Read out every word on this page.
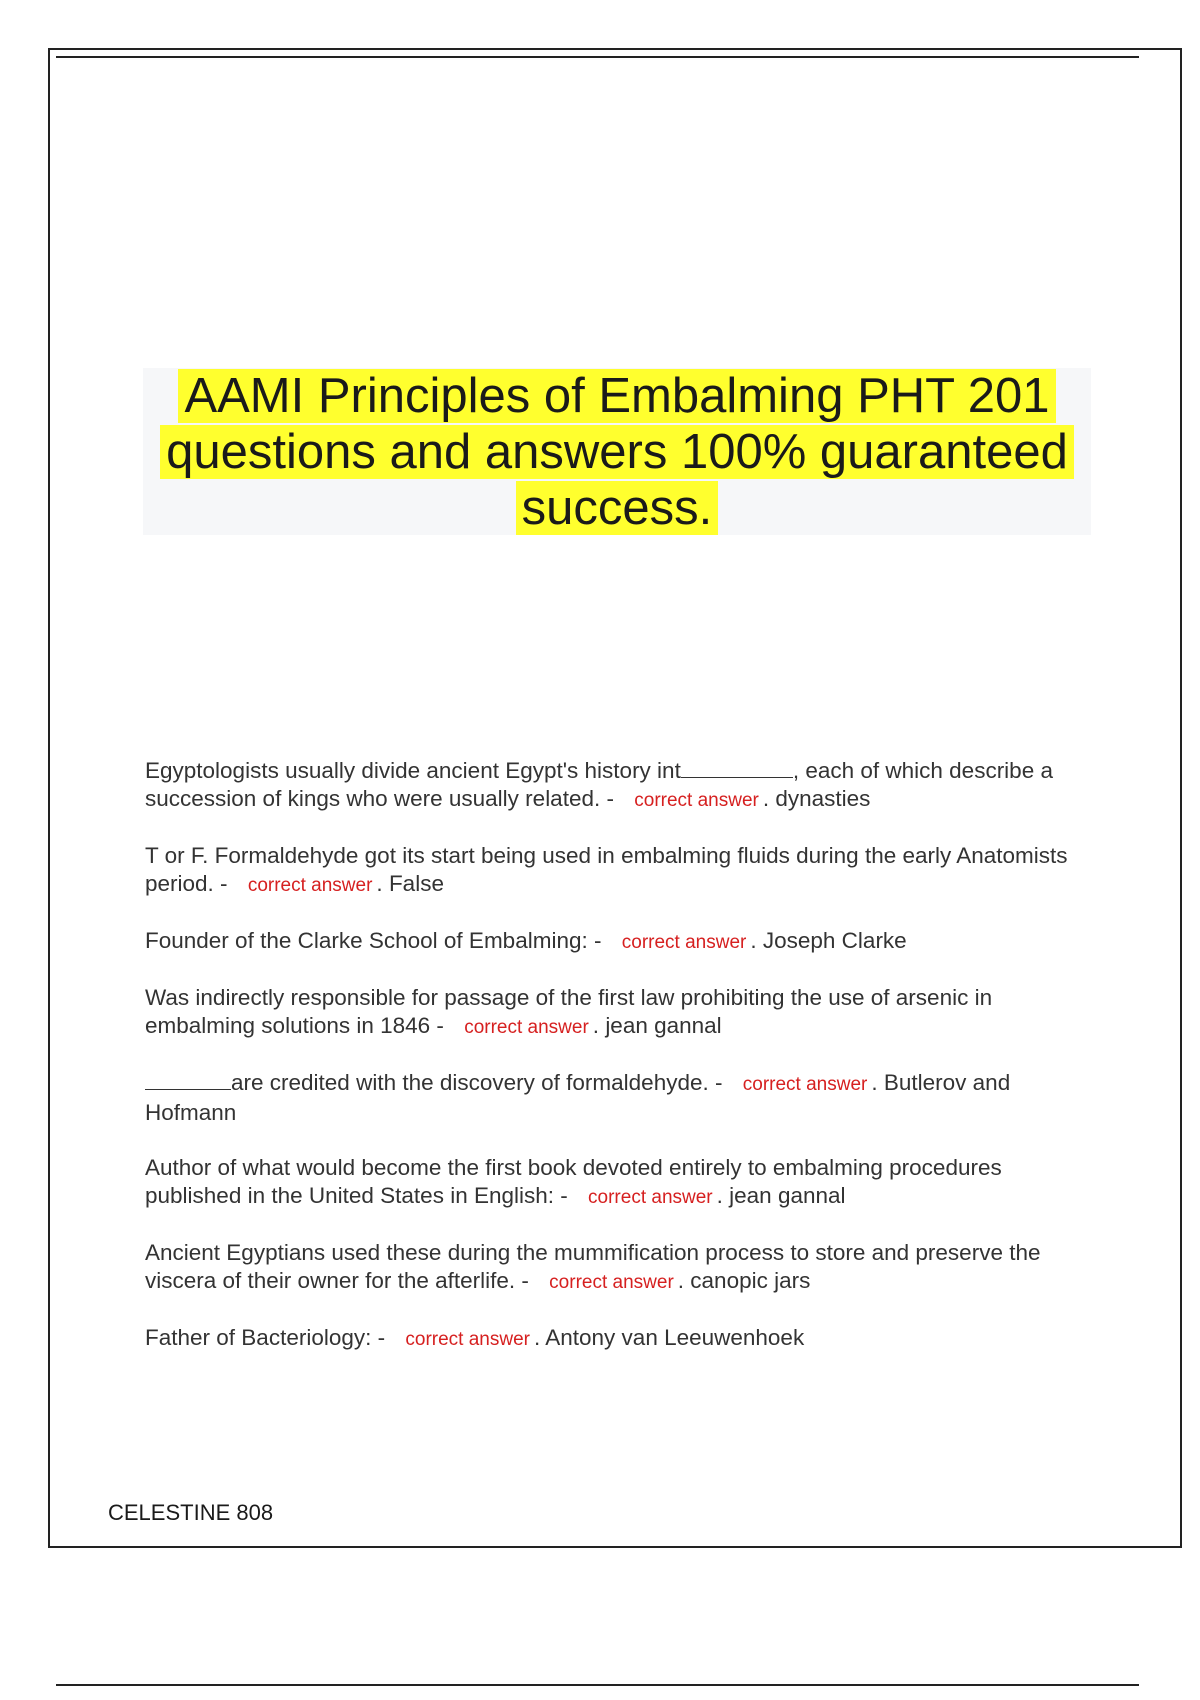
AAMI Principles of Embalming PHT 201
questions and answers 100% guaranteed
success.
Egyptologists usually divide ancient Egypt's history int	, each of which describe a succession of kings who were usually related. - correct answer . dynasties
T or F. Formaldehyde got its start being used in embalming fluids during the early Anatomists period. - correct answer . False
Founder of the Clarke School of Embalming: - correct answer . Joseph Clarke
Was indirectly responsible for passage of the first law prohibiting the use of arsenic in embalming solutions in 1846 - correct answer . jean gannal
are credited with the discovery of formaldehyde. - correct answer . Butlerov and Hofmann
Author of what would become the first book devoted entirely to embalming procedures published in the United States in English: - correct answer . jean gannal
Ancient Egyptians used these during the mummification process to store and preserve the viscera of their owner for the afterlife. - correct answer . canopic jars
Father of Bacteriology: - correct answer . Antony van Leeuwenhoek
CELESTINE 808
